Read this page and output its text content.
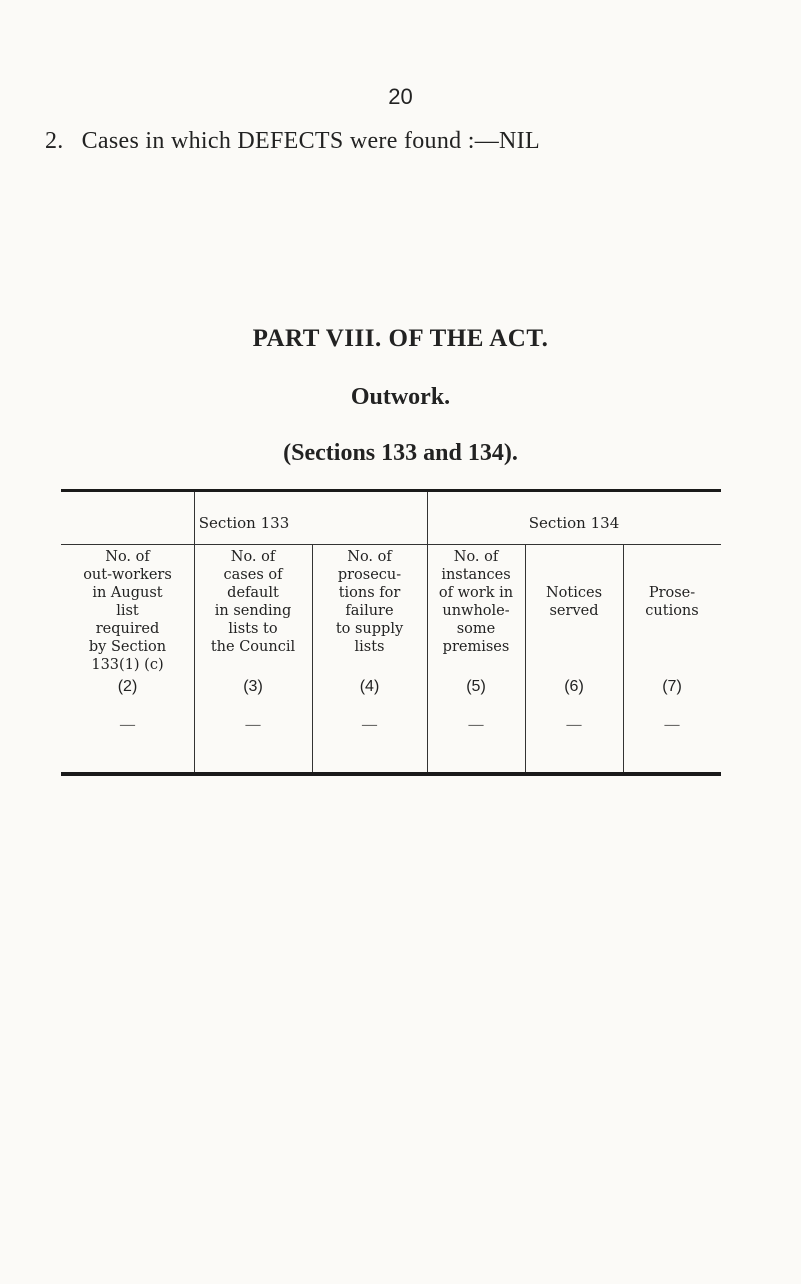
20
2. Cases in which DEFECTS were found :—NIL
PART VIII. OF THE ACT.
Outwork.
(Sections 133 and 134).
Section 133	Section 134
No. of
out-workers
in August
list
required
by Section
133(1) (c)
(2)
—
No. of
cases of
default
in sending
lists to
the Council
(3)
—
No. of
prosecu-
tions for
failure
to supply
lists
(4)
—
No. of
instances
of work in
unwhole-
some
premises
(5)
—

Notices
served
(6)
—

Prose-
cutions
(7)
—
